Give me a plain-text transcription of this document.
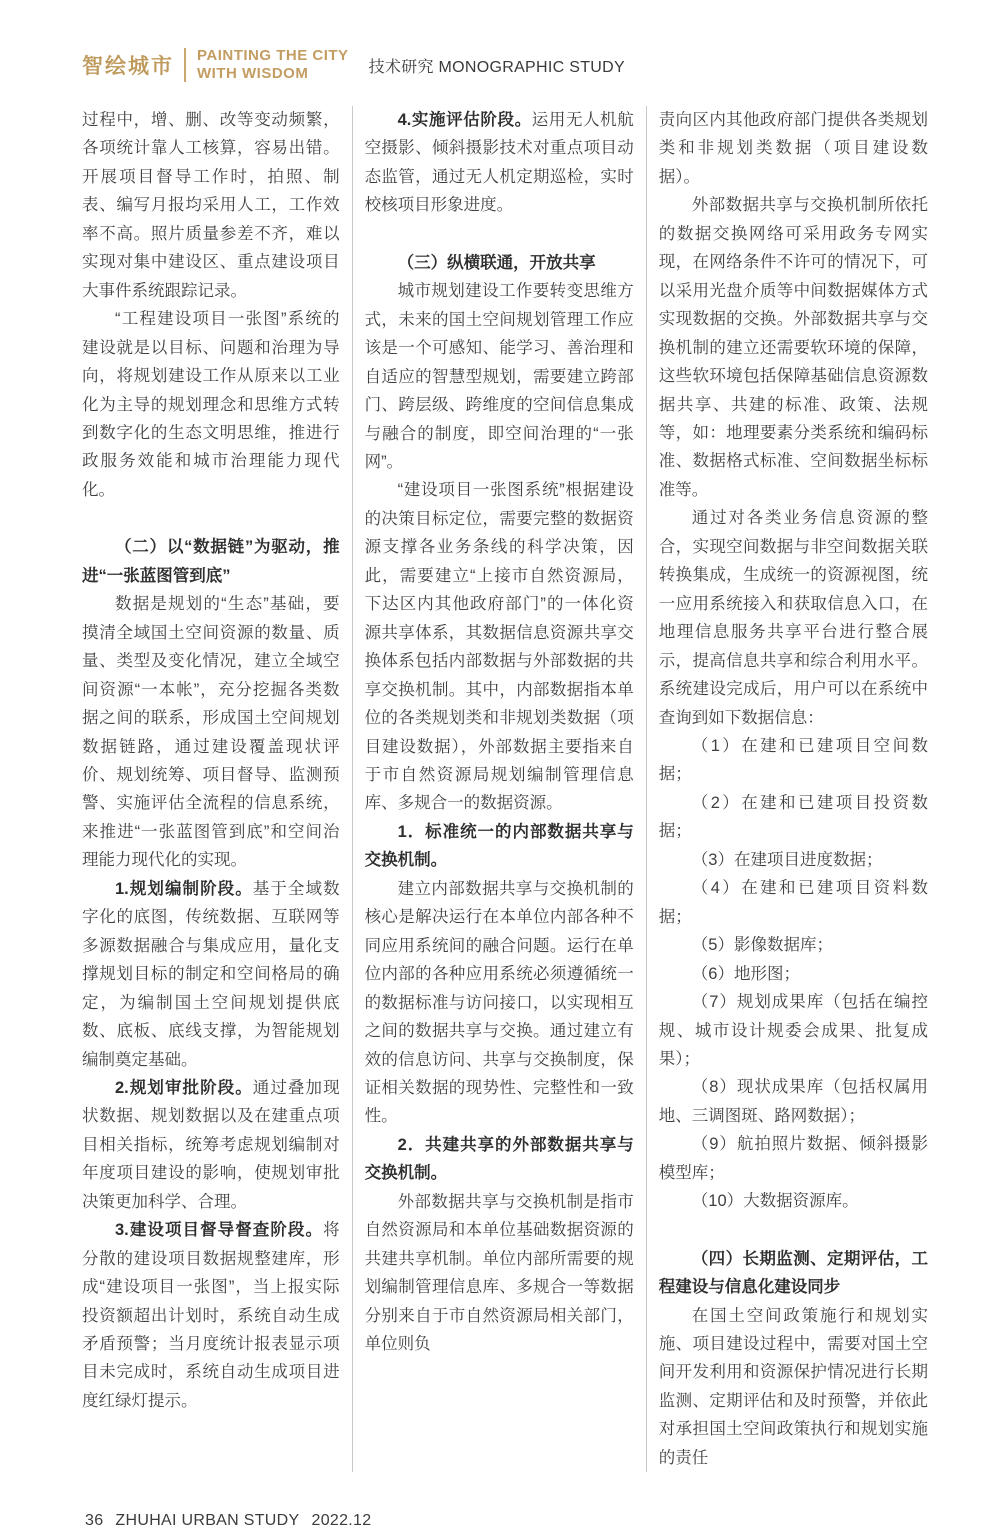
智绘城市 PAINTING THE CITY
WITH WISDOM	技术研究 MONOGRAPHIC STUDY

过程中，增、删、改等变动频繁，各项统计靠人工核算，容易出错。开展项目督导工作时，拍照、制表、编写月报均采用人工，工作效率不高。照片质量参差不齐，难以实现对集中建设区、重点建设项目大事件系统跟踪记录。

“工程建设项目一张图”系统的建设就是以目标、问题和治理为导向，将规划建设工作从原来以工业化为主导的规划理念和思维方式转到数字化的生态文明思维，推进行政服务效能和城市治理能力现代化。

（二）以“数据链”为驱动，推进“一张蓝图管到底”

数据是规划的“生态”基础，要摸清全域国土空间资源的数量、质量、类型及变化情况，建立全域空间资源“一本帐”，充分挖掘各类数据之间的联系，形成国土空间规划数据链路，通过建设覆盖现状评价、规划统筹、项目督导、监测预警、实施评估全流程的信息系统，来推进“一张蓝图管到底”和空间治理能力现代化的实现。

1.规划编制阶段。基于全域数字化的底图，传统数据、互联网等多源数据融合与集成应用，量化支撑规划目标的制定和空间格局的确定，为编制国土空间规划提供底数、底板、底线支撑，为智能规划编制奠定基础。

2.规划审批阶段。通过叠加现状数据、规划数据以及在建重点项目相关指标，统筹考虑规划编制对年度项目建设的影响，使规划审批决策更加科学、合理。

3.建设项目督导督查阶段。将分散的建设项目数据规整建库，形成“建设项目一张图”，当上报实际投资额超出计划时，系统自动生成矛盾预警；当月度统计报表显示项目未完成时，系统自动生成项目进度红绿灯提示。

4.实施评估阶段。运用无人机航空摄影、倾斜摄影技术对重点项目动态监管，通过无人机定期巡检，实时校核项目形象进度。

（三）纵横联通，开放共享

城市规划建设工作要转变思维方式，未来的国土空间规划管理工作应该是一个可感知、能学习、善治理和自适应的智慧型规划，需要建立跨部门、跨层级、跨维度的空间信息集成与融合的制度，即空间治理的“一张网”。

“建设项目一张图系统”根据建设的决策目标定位，需要完整的数据资源支撑各业务条线的科学决策，因此，需要建立“上接市自然资源局，下达区内其他政府部门”的一体化资源共享体系，其数据信息资源共享交换体系包括内部数据与外部数据的共享交换机制。其中，内部数据指本单位的各类规划类和非规划类数据（项目建设数据），外部数据主要指来自于市自然资源局规划编制管理信息库、多规合一的数据资源。

1．标准统一的内部数据共享与交换机制。

建立内部数据共享与交换机制的核心是解决运行在本单位内部各种不同应用系统间的融合问题。运行在单位内部的各种应用系统必须遵循统一的数据标准与访问接口，以实现相互之间的数据共享与交换。通过建立有效的信息访问、共享与交换制度，保证相关数据的现势性、完整性和一致性。

2．共建共享的外部数据共享与交换机制。

外部数据共享与交换机制是指市自然资源局和本单位基础数据资源的共建共享机制。单位内部所需要的规划编制管理信息库、多规合一等数据分别来自于市自然资源局相关部门，单位则负

责向区内其他政府部门提供各类规划类和非规划类数据（项目建设数据）。

外部数据共享与交换机制所依托的数据交换网络可采用政务专网实现，在网络条件不许可的情况下，可以采用光盘介质等中间数据媒体方式实现数据的交换。外部数据共享与交换机制的建立还需要软环境的保障，这些软环境包括保障基础信息资源数据共享、共建的标准、政策、法规等，如：地理要素分类系统和编码标准、数据格式标准、空间数据坐标标准等。

通过对各类业务信息资源的整合，实现空间数据与非空间数据关联转换集成，生成统一的资源视图，统一应用系统接入和获取信息入口，在地理信息服务共享平台进行整合展示，提高信息共享和综合利用水平。系统建设完成后，用户可以在系统中查询到如下数据信息：

（1）在建和已建项目空间数据；

（2）在建和已建项目投资数据；

（3）在建项目进度数据；

（4）在建和已建项目资料数据；

（5）影像数据库；

（6）地形图；

（7）规划成果库（包括在编控规、城市设计规委会成果、批复成果）；

（8）现状成果库（包括权属用地、三调图斑、路网数据）；

（9）航拍照片数据、倾斜摄影模型库；

（10）大数据资源库。

（四）长期监测、定期评估，工程建设与信息化建设同步

在国土空间政策施行和规划实施、项目建设过程中，需要对国土空间开发利用和资源保护情况进行长期监测、定期评估和及时预警，并依此对承担国土空间政策执行和规划实施的责任

36 ZHUHAI URBAN STUDY 2022.12
